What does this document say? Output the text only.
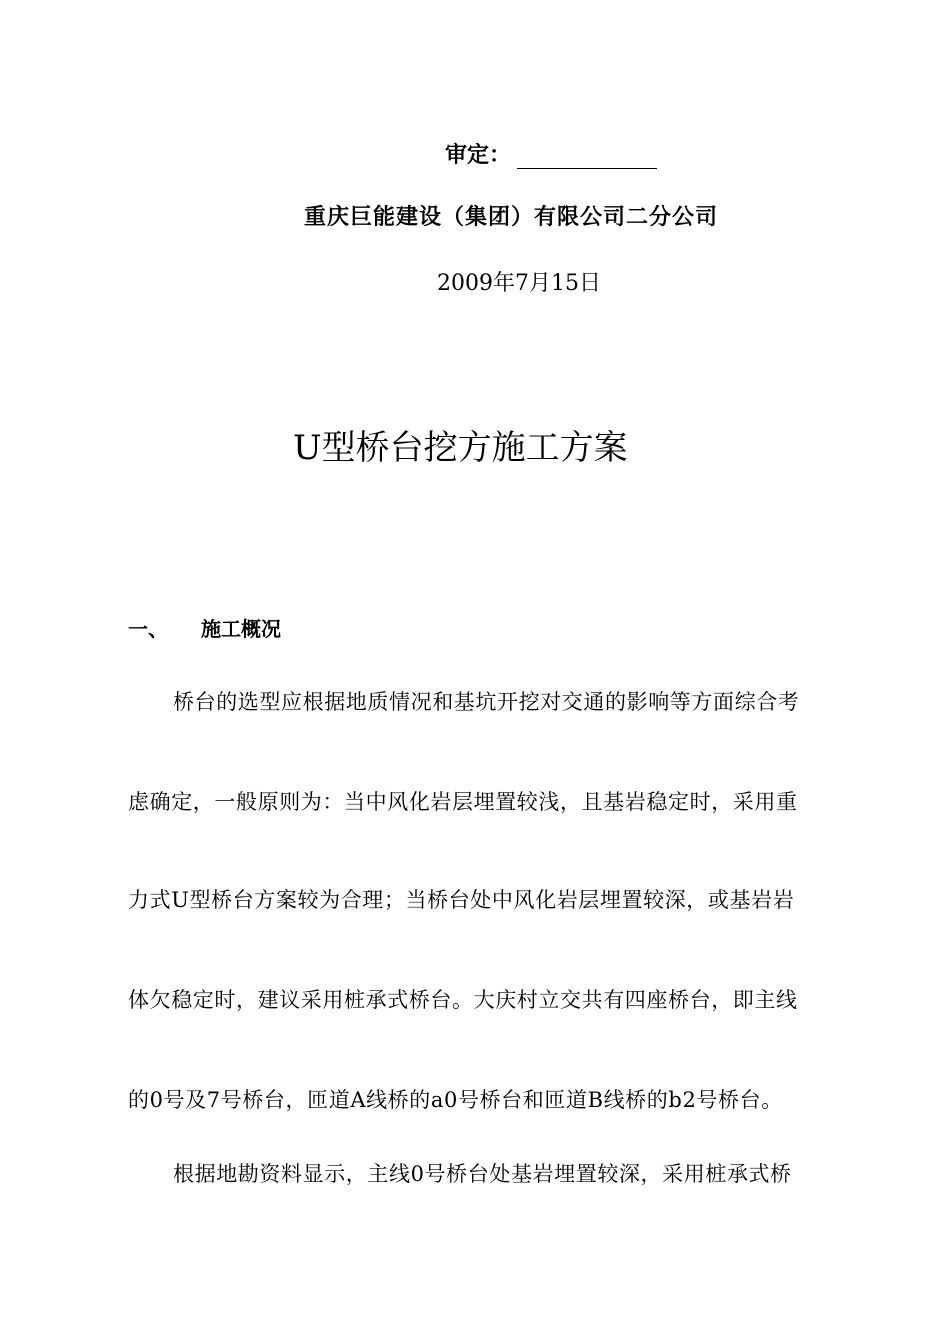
审定：
重庆巨能建设（集团）有限公司二分公司
2009年7月15日
U型桥台挖方施工方案
一、 施工概况
桥台的选型应根据地质情况和基坑开挖对交通的影响等方面综合考
虑确定，一般原则为：当中风化岩层埋置较浅，且基岩稳定时，采用重
力式U型桥台方案较为合理；当桥台处中风化岩层埋置较深，或基岩岩
体欠稳定时，建议采用桩承式桥台。大庆村立交共有四座桥台，即主线
的0号及7号桥台，匝道A线桥的a0号桥台和匝道B线桥的b2号桥台。
根据地勘资料显示，主线0号桥台处基岩埋置较深，采用桩承式桥
